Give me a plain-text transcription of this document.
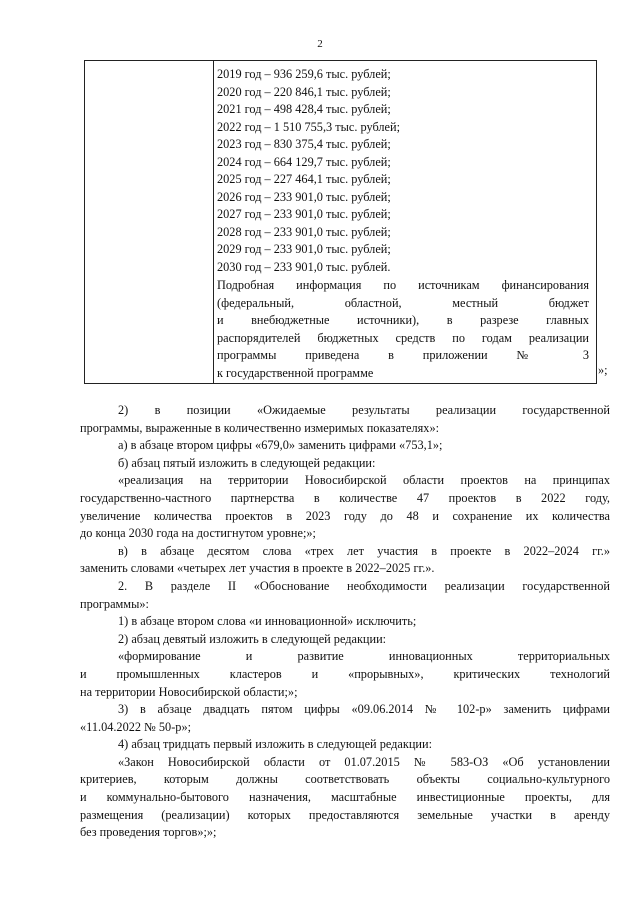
2
2019 год – 936 259,6 тыс. рублей;
2020 год – 220 846,1 тыс. рублей;
2021 год – 498 428,4 тыс. рублей;
2022 год – 1 510 755,3 тыс. рублей;
2023 год – 830 375,4 тыс. рублей;
2024 год – 664 129,7 тыс. рублей;
2025 год – 227 464,1 тыс. рублей;
2026 год – 233 901,0 тыс. рублей;
2027 год – 233 901,0 тыс. рублей;
2028 год – 233 901,0 тыс. рублей;
2029 год – 233 901,0 тыс. рублей;
2030 год – 233 901,0 тыс. рублей.
Подробная информация по источникам финансирования
(федеральный, областной, местный бюджет
и внебюджетные источники), в разрезе главных
распорядителей бюджетных средств по годам реализации
программы приведена в приложении № 3
к государственной программе	»;
2) в позиции «Ожидаемые результаты реализации государственной
программы, выраженные в количественно измеримых показателях»:
а) в абзаце втором цифры «679,0» заменить цифрами «753,1»;
б) абзац пятый изложить в следующей редакции:
«реализация на территории Новосибирской области проектов на принципах
государственно-частного партнерства в количестве 47 проектов в 2022 году,
увеличение количества проектов в 2023 году до 48 и сохранение их количества
до конца 2030 года на достигнутом уровне;»;
в) в абзаце десятом слова «трех лет участия в проекте в 2022–2024 гг.»
заменить словами «четырех лет участия в проекте в 2022–2025 гг.».
2. В разделе II «Обоснование необходимости реализации государственной
программы»:
1) в абзаце втором слова «и инновационной» исключить;
2) абзац девятый изложить в следующей редакции:
«формирование и развитие инновационных территориальных
и промышленных кластеров и «прорывных», критических технологий
на территории Новосибирской области;»;
3) в абзаце двадцать пятом цифры «09.06.2014 № 102-р» заменить цифрами
«11.04.2022 № 50-р»;
4) абзац тридцать первый изложить в следующей редакции:
«Закон Новосибирской области от 01.07.2015 № 583-ОЗ «Об установлении
критериев, которым должны соответствовать объекты социально-культурного
и коммунально-бытового назначения, масштабные инвестиционные проекты, для
размещения (реализации) которых предоставляются земельные участки в аренду
без проведения торгов»;»;
